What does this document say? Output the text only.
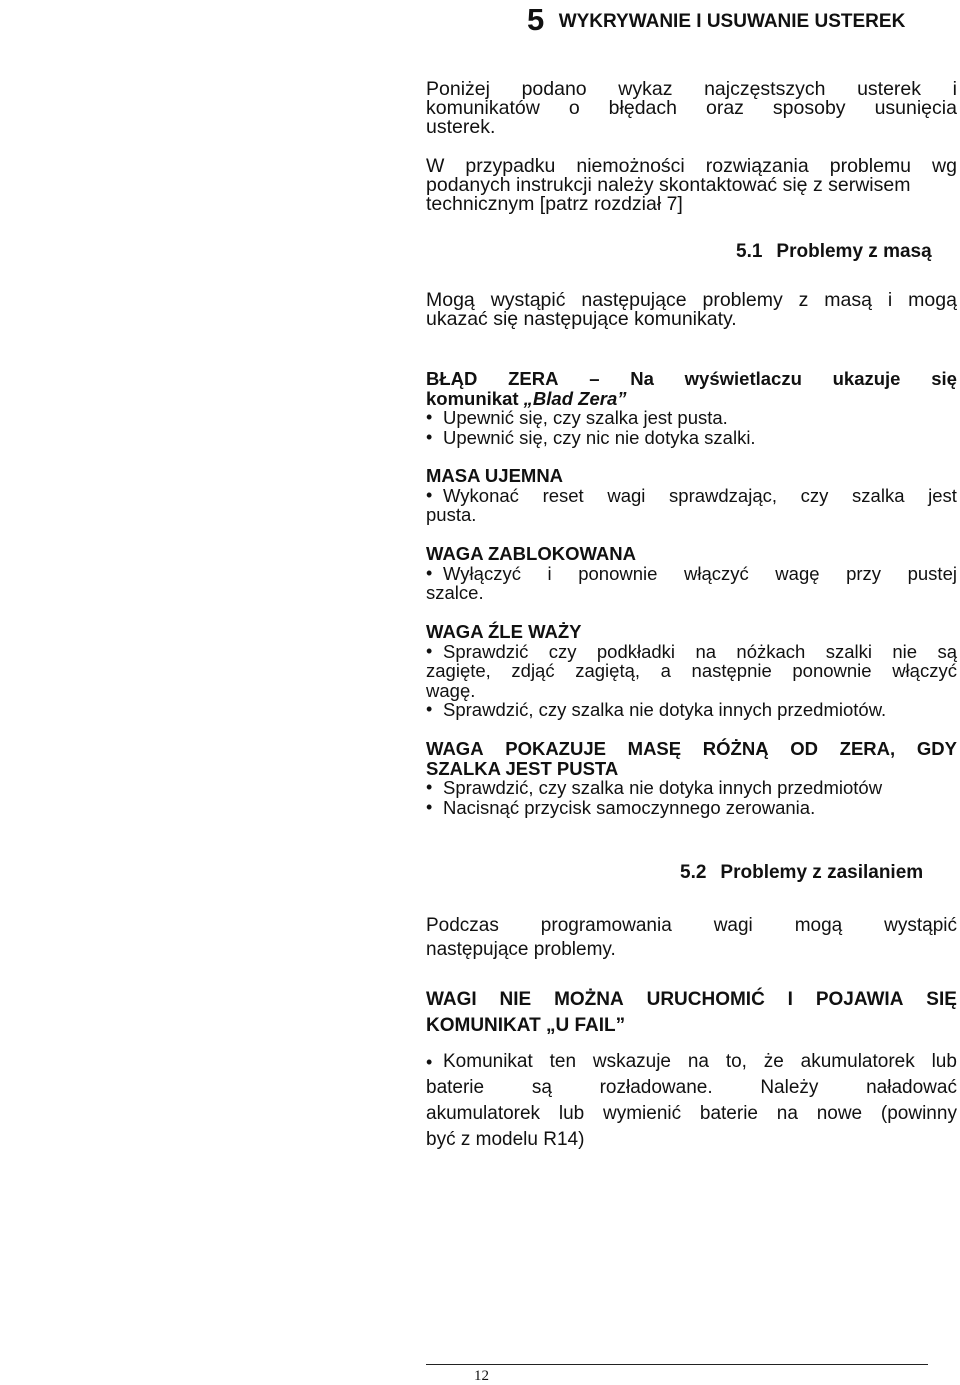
5 WYKRYWANIE I USUWANIE USTEREK
Poniżej podano wykaz najczęstszych usterek i
komunikatów o błędach oraz sposoby usunięcia
usterek.
W przypadku niemożności rozwiązania problemu wg
podanych instrukcji należy skontaktować się z serwisem
technicznym [patrz rozdział 7]
5.1 Problemy z masą
Mogą wystąpić następujące problemy z masą i mogą
ukazać się następujące komunikaty.
BŁĄD ZERA – Na wyświetlaczu ukazuje się
komunikat „Blad Zera”
• Upewnić się, czy szalka jest pusta.
• Upewnić się, czy nic nie dotyka szalki.
MASA UJEMNA
• Wykonać reset wagi sprawdzając, czy szalka jest
pusta.
WAGA ZABLOKOWANA
• Wyłączyć i ponownie włączyć wagę przy pustej
szalce.
WAGA ŹLE WAŻY
• Sprawdzić czy podkładki na nóżkach szalki nie są
zagięte, zdjąć zagiętą, a następnie ponownie włączyć
wagę.
• Sprawdzić, czy szalka nie dotyka innych przedmiotów.
WAGA POKAZUJE MASĘ RÓŻNĄ OD ZERA, GDY
SZALKA JEST PUSTA
• Sprawdzić, czy szalka nie dotyka innych przedmiotów
• Nacisnąć przycisk samoczynnego zerowania.
5.2 Problemy z zasilaniem
Podczas programowania wagi mogą wystąpić
następujące problemy.
WAGI NIE MOŻNA URUCHOMIĆ I POJAWIA SIĘ
KOMUNIKAT „U FAIL”
• Komunikat ten wskazuje na to, że akumulatorek lub
baterie	są	rozładowane.	Należy	naładować
akumulatorek lub wymienić baterie na nowe (powinny
być z modelu R14)
12
